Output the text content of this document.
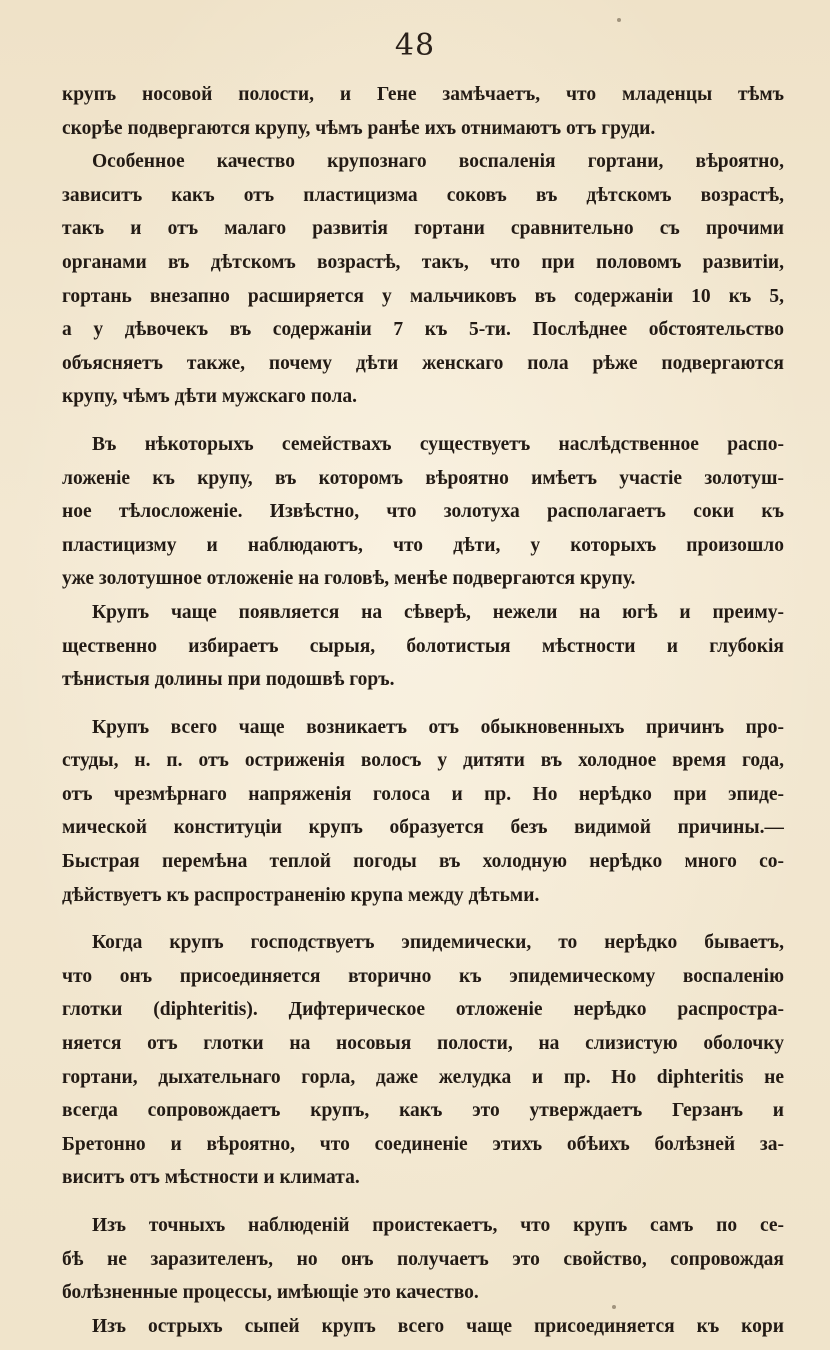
48
крупъ носовой полости, и Гене замѣчаетъ, что младенцы тѣмъ
скорѣе подвергаются крупу, чѣмъ ранѣе ихъ отнимаютъ отъ груди.
Особенное качество крупознаго воспаленія гортани, вѣроятно,
зависитъ какъ отъ пластицизма соковъ въ дѣтскомъ возрастѣ,
такъ и отъ малаго развитія гортани сравнительно съ прочими
органами въ дѣтскомъ возрастѣ, такъ, что при половомъ развитіи,
гортань внезапно расширяется у мальчиковъ въ содержаніи 10 къ 5,
а у дѣвочекъ въ содержаніи 7 къ 5-ти. Послѣднее обстоятельство
объясняетъ также, почему дѣти женскаго пола рѣже подвергаются
крупу, чѣмъ дѣти мужскаго пола.
Въ нѣкоторыхъ семействахъ существуетъ наслѣдственное распо-
ложеніе къ крупу, въ которомъ вѣроятно имѣетъ участіе золотуш-
ное тѣлосложеніе. Извѣстно, что золотуха располагаетъ соки къ
пластицизму и наблюдаютъ, что дѣти, у которыхъ произошло
уже золотушное отложеніе на головѣ, менѣе подвергаются крупу.
Крупъ чаще появляется на сѣверѣ, нежели на югѣ и преиму-
щественно избираетъ сырыя, болотистыя мѣстности и глубокія
тѣнистыя долины при подошвѣ горъ.
Крупъ всего чаще возникаетъ отъ обыкновенныхъ причинъ про-
студы, н. п. отъ остриженія волосъ у дитяти въ холодное время года,
отъ чрезмѣрнаго напряженія голоса и пр. Но нерѣдко при эпиде-
мической конституціи крупъ образуется безъ видимой причины.—
Быстрая перемѣна теплой погоды въ холодную нерѣдко много со-
дѣйствуетъ къ распространенію крупа между дѣтьми.
Когда крупъ господствуетъ эпидемически, то нерѣдко бываетъ,
что онъ присоединяется вторично къ эпидемическому воспаленію
глотки (diphteritis). Дифтерическое отложеніе нерѣдко распростра-
няется отъ глотки на носовыя полости, на слизистую оболочку
гортани, дыхательнаго горла, даже желудка и пр. Но diphteritis не
всегда сопровождаетъ крупъ, какъ это утверждаетъ Герзанъ и
Бретонно и вѣроятно, что соединеніе этихъ обѣихъ болѣзней за-
виситъ отъ мѣстности и климата.
Изъ точныхъ наблюденій проистекаетъ, что крупъ самъ по се-
бѣ не заразителенъ, но онъ получаетъ это свойство, сопровождая
болѣзненные процессы, имѣющіе это качество.
Изъ острыхъ сыпей крупъ всего чаще присоединяется къ кори
